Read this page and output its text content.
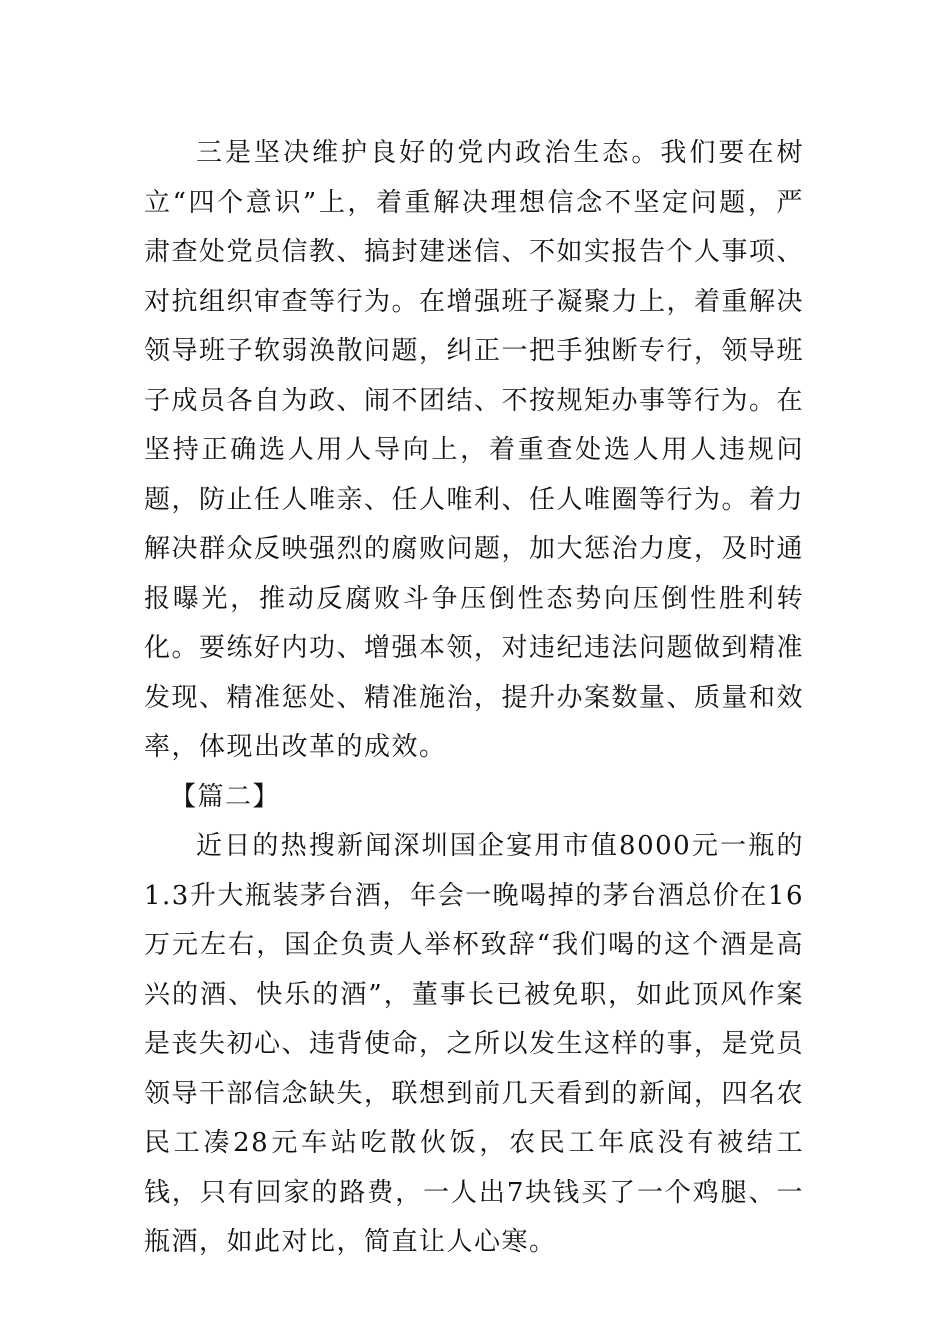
三是坚决维护良好的党内政治生态。我们要在树立“四个意识”上，着重解决理想信念不坚定问题，严肃查处党员信教、搞封建迷信、不如实报告个人事项、对抗组织审查等行为。在增强班子凝聚力上，着重解决领导班子软弱涣散问题，纠正一把手独断专行，领导班子成员各自为政、闹不团结、不按规矩办事等行为。在坚持正确选人用人导向上，着重查处选人用人违规问题，防止任人唯亲、任人唯利、任人唯圈等行为。着力解决群众反映强烈的腐败问题，加大惩治力度，及时通报曝光，推动反腐败斗争压倒性态势向压倒性胜利转化。要练好内功、增强本领，对违纪违法问题做到精准发现、精准惩处、精准施治，提升办案数量、质量和效率，体现出改革的成效。

【篇二】

近日的热搜新闻深圳国企宴用市值8000元一瓶的1.3升大瓶装茅台酒，年会一晚喝掉的茅台酒总价在16万元左右，国企负责人举杯致辞“我们喝的这个酒是高兴的酒、快乐的酒”，董事长已被免职，如此顶风作案是丧失初心、违背使命，之所以发生这样的事，是党员领导干部信念缺失，联想到前几天看到的新闻，四名农民工凑28元车站吃散伙饭，农民工年底没有被结工钱，只有回家的路费，一人出7块钱买了一个鸡腿、一瓶酒，如此对比，简直让人心寒。
